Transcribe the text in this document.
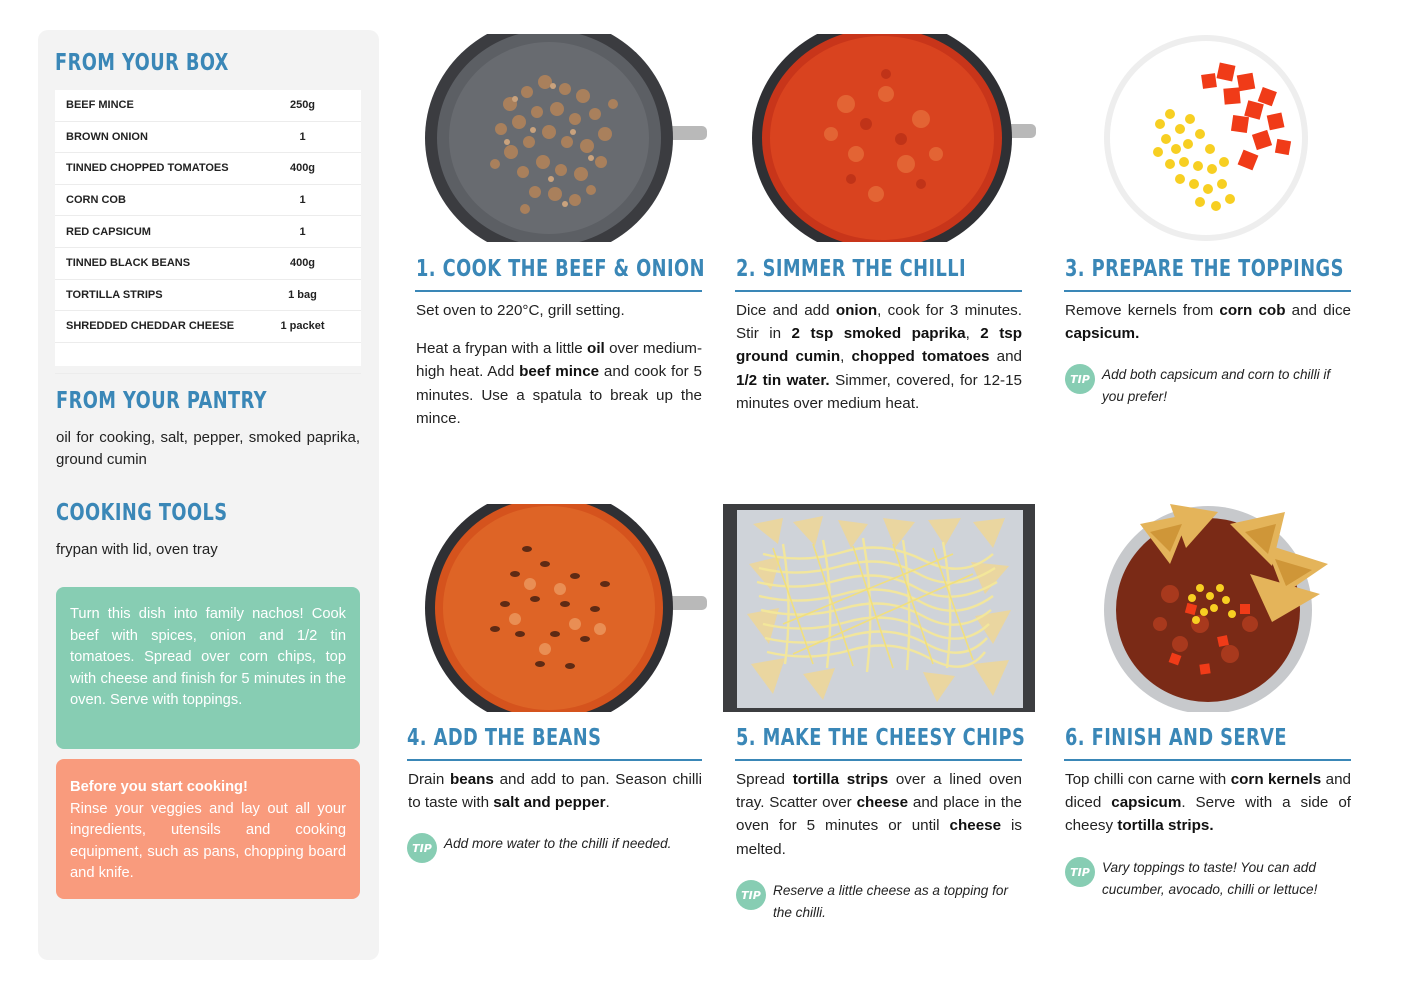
FROM YOUR BOX
BEEF MINCE	250g
BROWN ONION	1
TINNED CHOPPED TOMATOES	400g
CORN COB	1
RED CAPSICUM	1
TINNED BLACK BEANS	400g
TORTILLA STRIPS	1 bag
SHREDDED CHEDDAR CHEESE	1 packet
FROM YOUR PANTRY
oil for cooking, salt, pepper, smoked paprika, ground cumin
COOKING TOOLS
frypan with lid, oven tray
Turn this dish into family nachos! Cook beef with spices, onion and 1/2 tin tomatoes. Spread over corn chips, top with cheese and finish for 5 minutes in the oven. Serve with toppings.
Before you start cooking!
Rinse your veggies and lay out all your ingredients, utensils and cooking equipment, such as pans, chopping board and knife.
1. COOK THE BEEF & ONION

Set oven to 220°C, grill setting.

Heat a frypan with a little oil over medium-high heat. Add beef mince and cook for 5 minutes. Use a spatula to break up the mince.

2. SIMMER THE CHILLI

Dice and add onion, cook for 3 minutes. Stir in 2 tsp smoked paprika, 2 tsp ground cumin, chopped tomatoes and 1/2 tin water. Simmer, covered, for 12-15 minutes over medium heat.

3. PREPARE THE TOPPINGS

Remove kernels from corn cob and dice capsicum.

TIP Add both capsicum and corn to chilli if you prefer!
4. ADD THE BEANS

Drain beans and add to pan. Season chilli to taste with salt and pepper.

TIP Add more water to the chilli if needed.
5. MAKE THE CHEESY CHIPS

Spread tortilla strips over a lined oven tray. Scatter over cheese and place in the oven for 5 minutes or until cheese is melted.

TIP Reserve a little cheese as a topping for the chilli.
6. FINISH AND SERVE

Top chilli con carne with corn kernels and diced capsicum. Serve with a side of cheesy tortilla strips.

TIP Vary toppings to taste! You can add cucumber, avocado, chilli or lettuce!
